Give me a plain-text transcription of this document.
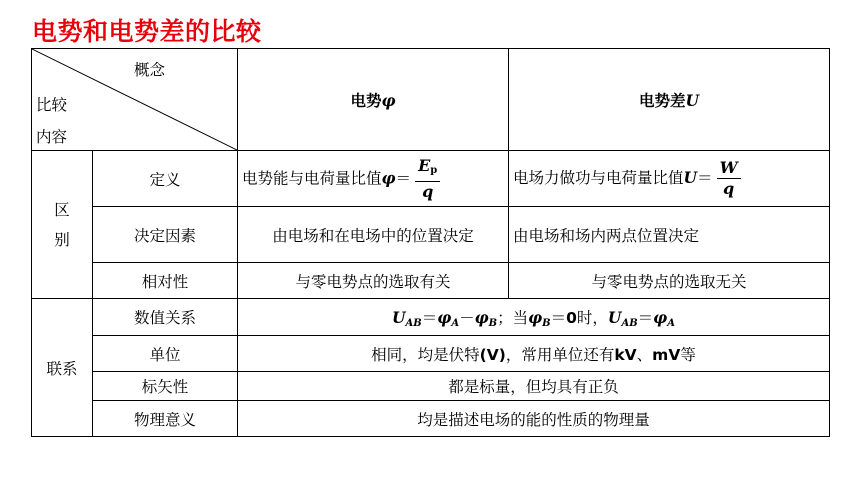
电势和电势差的比较
概念
比较
内容		电势φ	电势差U
区
别	定义	电势能与电荷量比值$\varphi= \frac{Ep}{q}$	电场力做功与电荷量比值$U= \frac{W}{q}$

	决定因素	由电场和在电场中的位置决定	由电场和场内两点位置决定
	相对性	与零电势点的选取有关	与零电势点的选取无关
联系	数值关系	$U_{AB}=\varphi_A-\varphi_B$；当$\varphi_B=0$时，$U_{AB}=\varphi_A$
	单位	相同，均是伏特(V)，常用单位还有kV、mV等	
	标矢性	都是标量，但均具有正负	
	物理意义	均是描述电场的能的性质的物理量	
